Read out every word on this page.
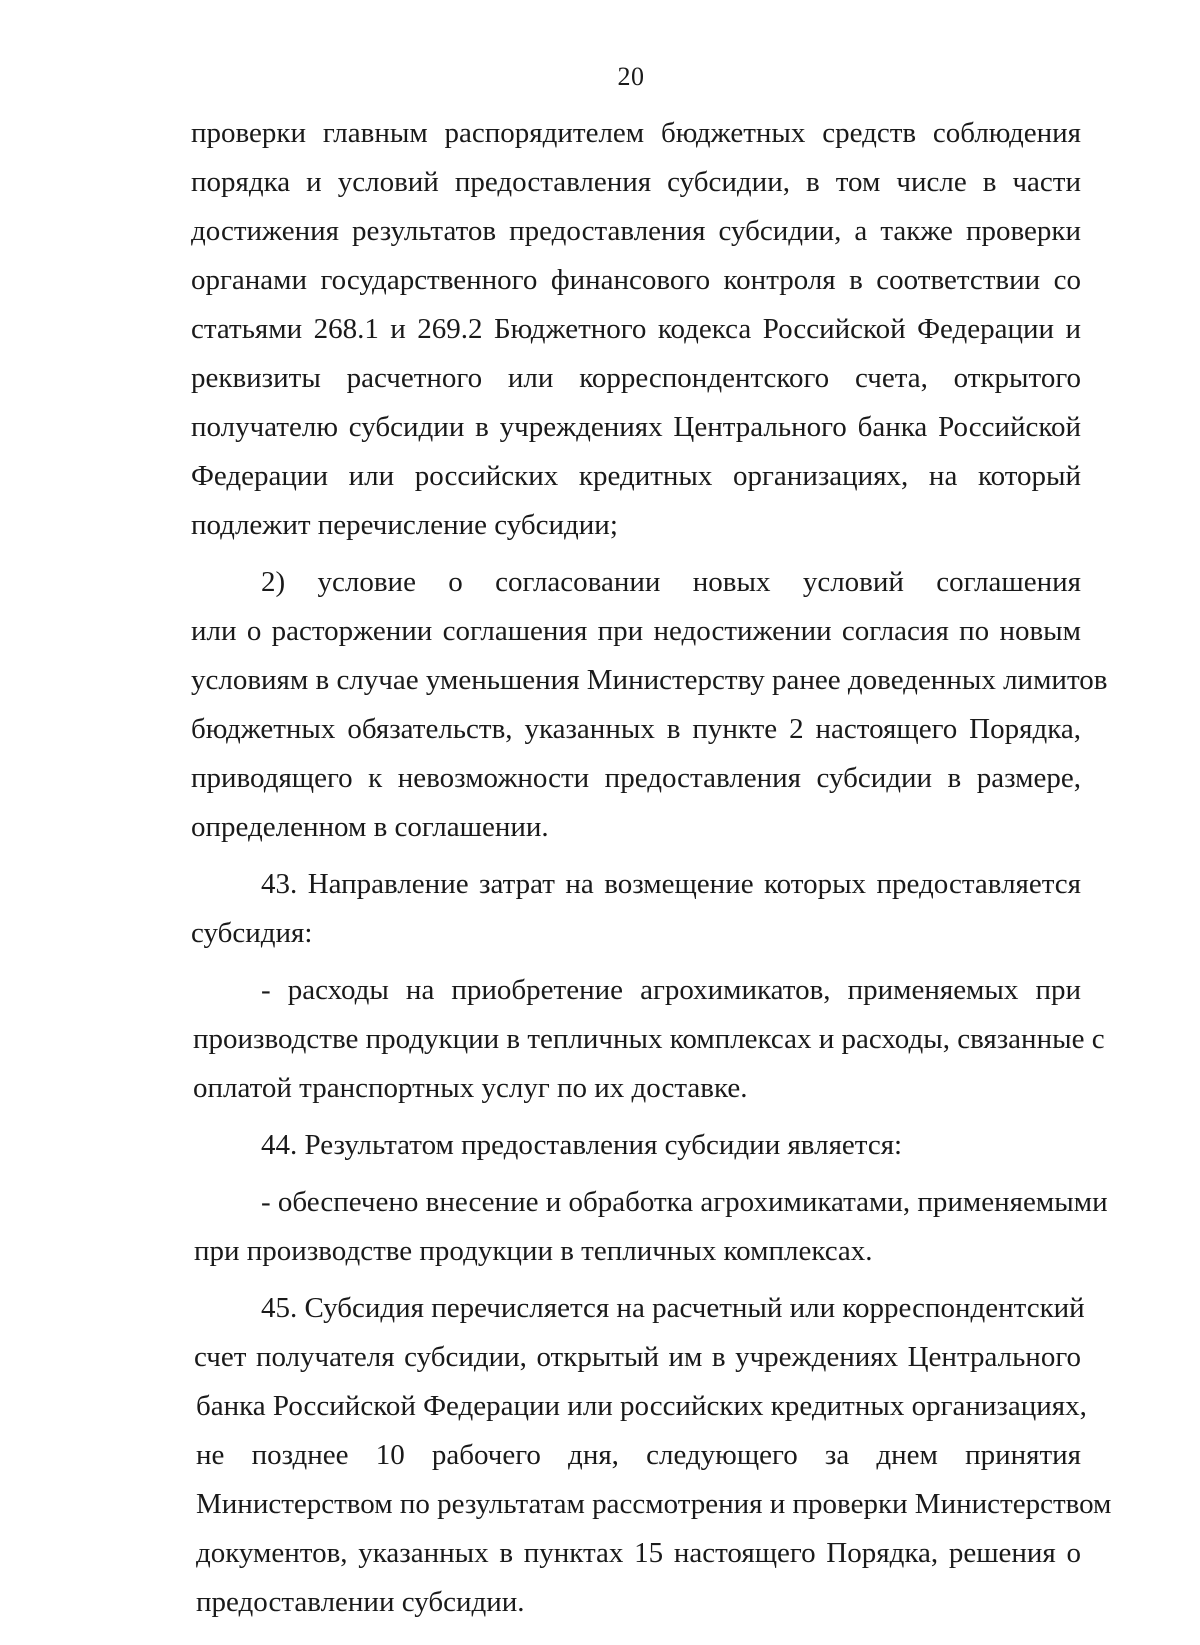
20
проверки главным распорядителем бюджетных средств соблюдения
порядка и условий предоставления субсидии, в том числе в части
достижения результатов предоставления субсидии, а также проверки
органами государственного финансового контроля в соответствии со
статьями 268.1 и 269.2 Бюджетного кодекса Российской Федерации и
реквизиты расчетного или корреспондентского счета, открытого
получателю субсидии в учреждениях Центрального банка Российской
Федерации или российских кредитных организациях, на который
подлежит перечисление субсидии;
2) условие о согласовании новых условий соглашения
или о расторжении соглашения при недостижении согласия по новым
условиям в случае уменьшения Министерству ранее доведенных лимитов
бюджетных обязательств, указанных в пункте 2 настоящего Порядка,
приводящего к невозможности предоставления субсидии в размере,
определенном в соглашении.
43. Направление затрат на возмещение которых предоставляется
субсидия:
- расходы на приобретение агрохимикатов, применяемых при
производстве продукции в тепличных комплексах и расходы, связанные с
оплатой транспортных услуг по их доставке.
44. Результатом предоставления субсидии является:
- обеспечено внесение и обработка агрохимикатами, применяемыми
при производстве продукции в тепличных комплексах.
45. Субсидия перечисляется на расчетный или корреспондентский
счет получателя субсидии, открытый им в учреждениях Центрального
банка Российской Федерации или российских кредитных организациях,
не позднее 10 рабочего дня, следующего за днем принятия
Министерством по результатам рассмотрения и проверки Министерством
документов, указанных в пунктах 15 настоящего Порядка, решения о
предоставлении субсидии.
